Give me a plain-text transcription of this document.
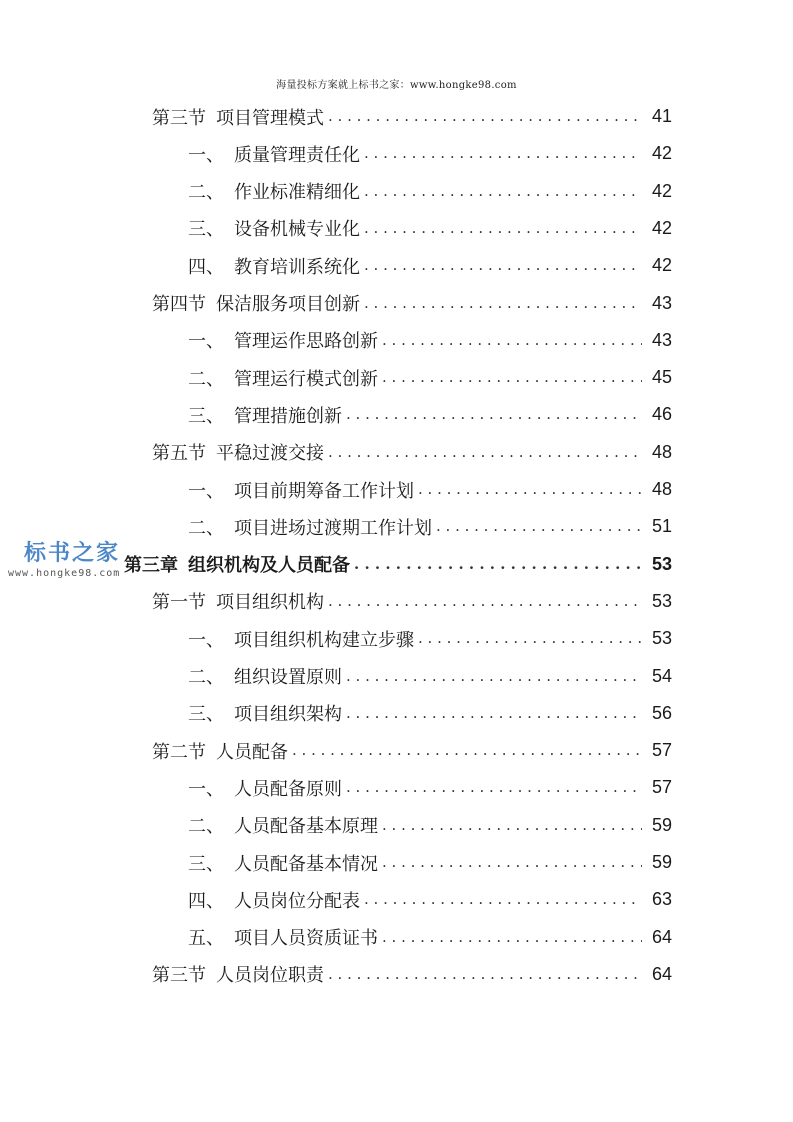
海量投标方案就上标书之家：www.hongke98.com
标书之家
www.hongke98.com
第三节 项目管理模式 . . .	41
一、 质量管理责任化 . . .	42
二、 作业标准精细化 . . .	42
三、 设备机械专业化 . . .	42
四、 教育培训系统化 . . .	42
第四节 保洁服务项目创新 . . .	43
一、 管理运作思路创新 . . .	43
二、 管理运行模式创新 . . .	45
三、 管理措施创新 . . .	46
第五节 平稳过渡交接 . . .	48
一、 项目前期筹备工作计划 . . .	48
二、 项目进场过渡期工作计划 . . .	51
第三章 组织机构及人员配备 . . .	53
第一节 项目组织机构 . . .	53
一、 项目组织机构建立步骤 . . .	53
二、 组织设置原则 . . .	54
三、 项目组织架构 . . .	56
第二节 人员配备 . . .	57
一、 人员配备原则 . . .	57
二、 人员配备基本原理 . . .	59
三、 人员配备基本情况 . . .	59
四、 人员岗位分配表 . . .	63
五、 项目人员资质证书 . . .	64
第三节 人员岗位职责 . . .	64
